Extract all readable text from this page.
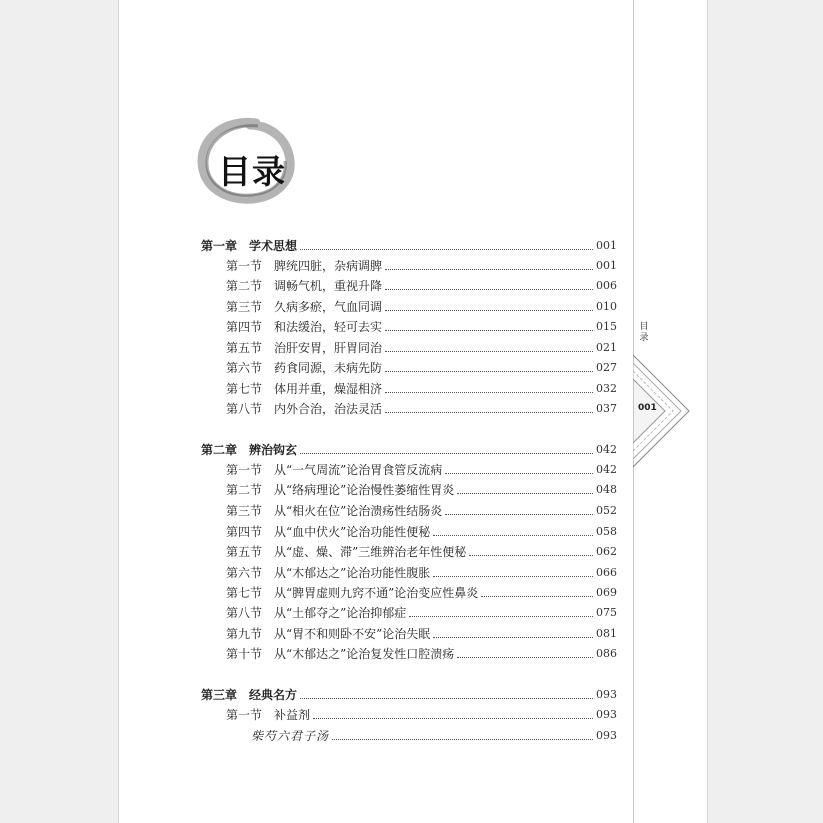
目录
第一章 学术思想	001
第一节 脾统四脏，杂病调脾	001
第二节 调畅气机，重视升降	006
第三节 久病多瘀，气血同调	010
第四节 和法缓治，轻可去实	015
第五节 治肝安胃，肝胃同治	021
第六节 药食同源，未病先防	027
第七节 体用并重，燥湿相济	032
第八节 内外合治，治法灵活	037
第二章 辨治钩玄	042
第一节 从“一气周流”论治胃食管反流病	042
第二节 从“络病理论”论治慢性萎缩性胃炎	048
第三节 从“相火在位”论治溃疡性结肠炎	052
第四节 从“血中伏火”论治功能性便秘	058
第五节 从“虚、燥、滞”三维辨治老年性便秘	062
第六节 从“木郁达之”论治功能性腹胀	066
第七节 从“脾胃虚则九窍不通”论治变应性鼻炎	069
第八节 从“土郁夺之”论治抑郁症	075
第九节 从“胃不和则卧不安”论治失眠	081
第十节 从“木郁达之”论治复发性口腔溃疡	086
第三章 经典名方	093
第一节 补益剂	093
柴芍六君子汤	093
目录
001
